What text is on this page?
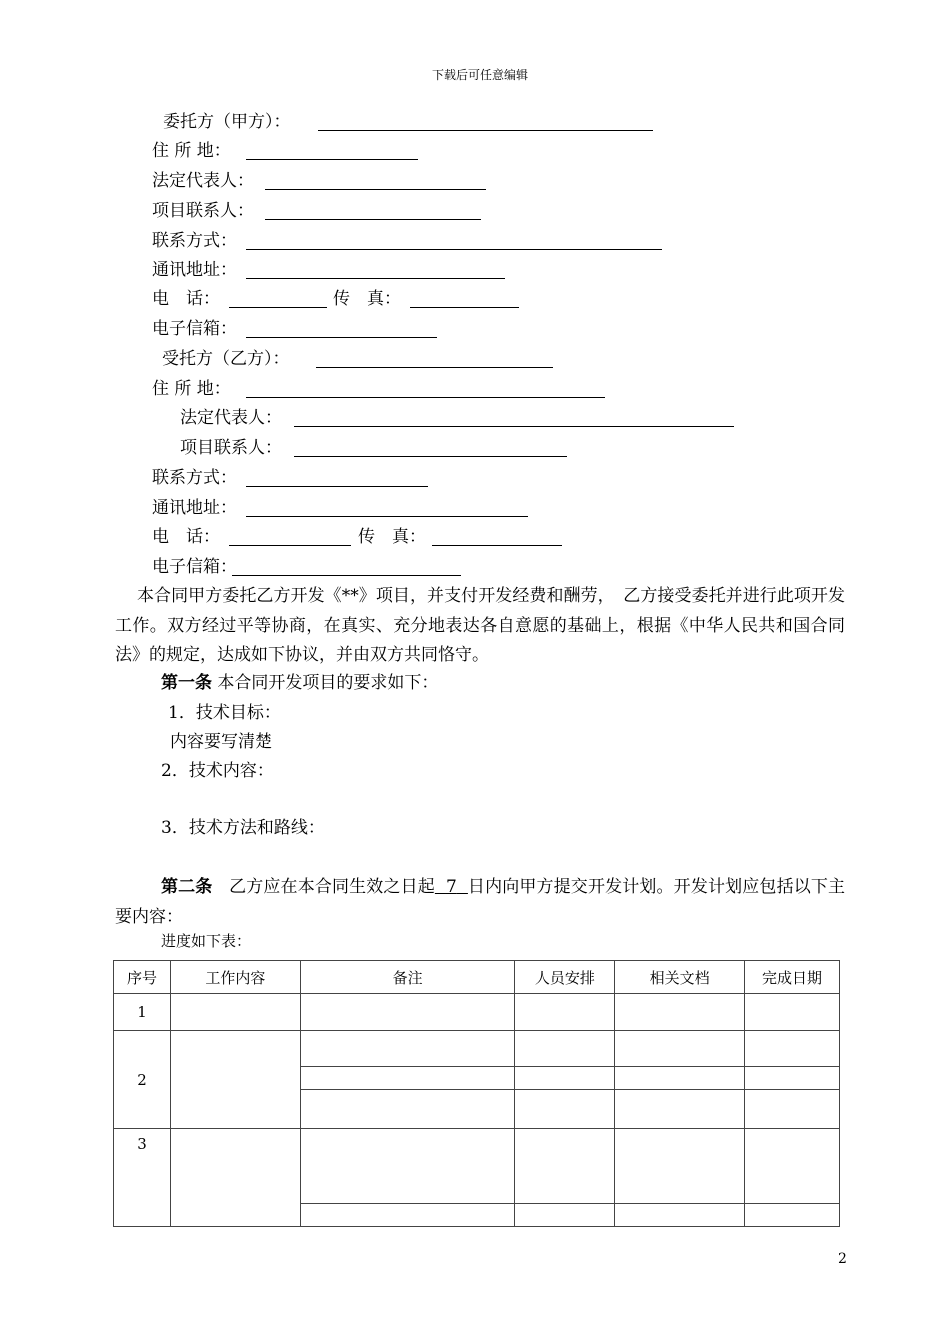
下载后可任意编辑
委托方（甲方）：
住 所 地：
法定代表人：
项目联系人：
联系方式：
通讯地址：
电　话：	传　真：
电子信箱：
受托方（乙方）：
住 所 地：
法定代表人：
项目联系人：
联系方式：
通讯地址：
电　话：	传　真：
电子信箱：
本合同甲方委托乙方开发《**》项目，并支付开发经费和酬劳，　乙方接受委托并进行此项开发工作。双方经过平等协商，在真实、充分地表达各自意愿的基础上，根据《中华人民共和国合同法》的规定，达成如下协议，并由双方共同恪守。
第一条 本合同开发项目的要求如下：
1．技术目标：
内容要写清楚
2．技术内容：
3．技术方法和路线：
第二条 乙方应在本合同生效之日起 7 日内向甲方提交开发计划。开发计划应包括以下主要内容：
进度如下表：
序号	工作内容	备注	人员安排	相关文档	完成日期
1					
2					

3					

2
